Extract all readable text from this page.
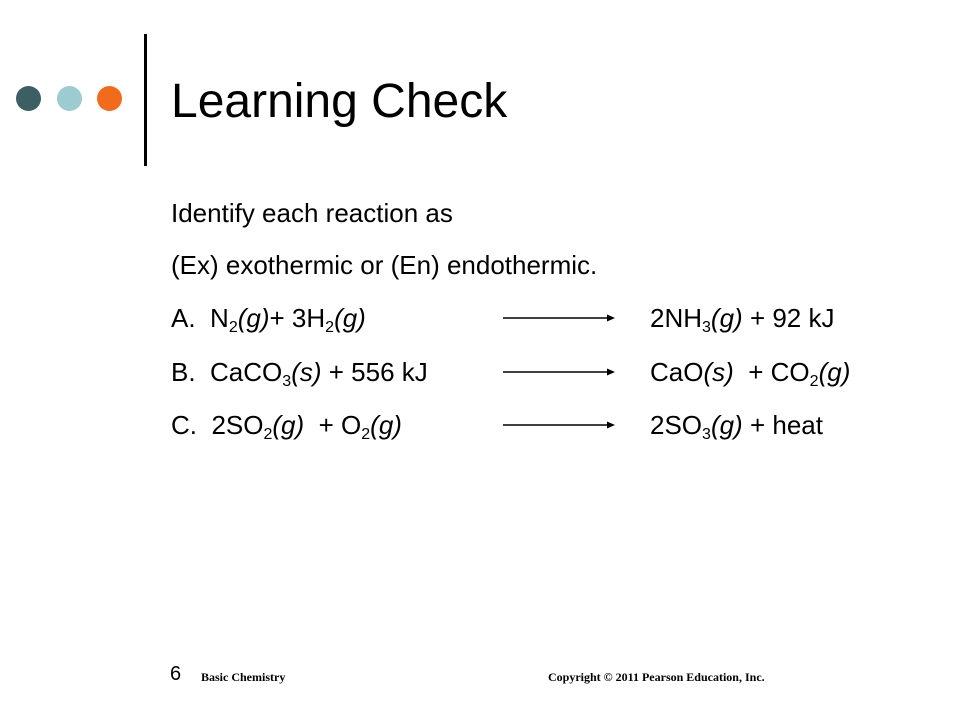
Learning Check
Identify each reaction as
(Ex) exothermic or (En) endothermic.
A. $N_2(g)+ 3H_2(g)$	$2NH_3(g) + 92$ kJ
B. CaCO$_3$(s) + 556 kJ	$CaO(s) + CO_2(g)$
C. $2SO_2(g) + O_2(g)$	$2SO_3(g)$ + heat
6 Basic Chemistry	Copyright © 2011 Pearson Education, Inc.
